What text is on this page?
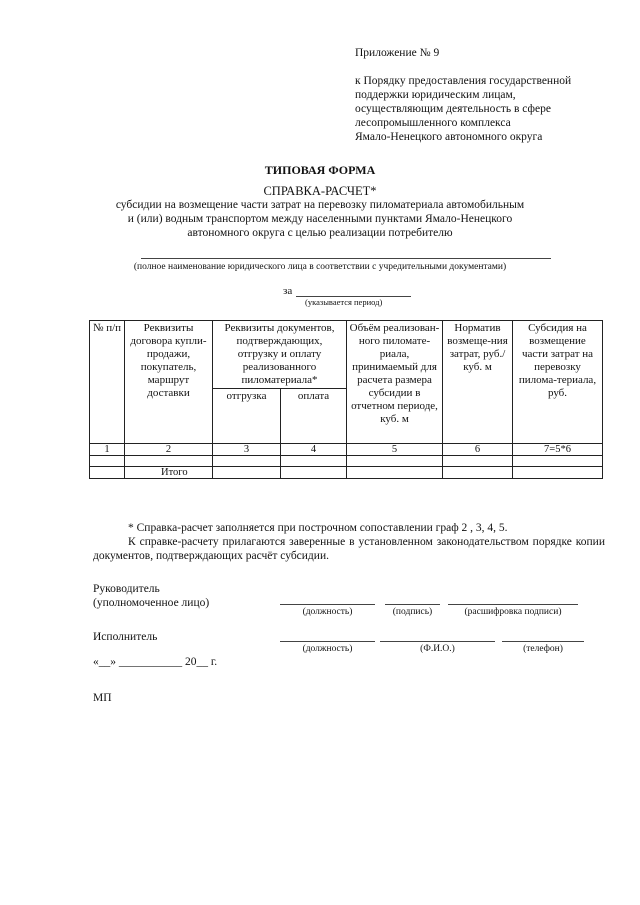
Приложение № 9
к Порядку предоставления государственной
поддержки юридическим лицам,
осуществляющим деятельность в сфере
лесопромышленного комплекса
Ямало-Ненецкого автономного округа
ТИПОВАЯ ФОРМА
СПРАВКА-РАСЧЕТ*
субсидии на возмещение части затрат на перевозку пиломатериала автомобильным
и (или) водным транспортом между населенными пунктами Ямало-Ненецкого
автономного округа с целью реализации потребителю
(полное наименование юридического лица в соответствии с учредительными документами)
за
(указывается период)
№ п/п	Реквизиты договора купли-продажи, покупатель, маршрут доставки	Реквизиты документов, подтверждающих, отгрузку и оплату реализованного пиломатериала*		Объём реализован-ного пиломате-риала, принимаемый для расчета размера субсидии в отчетном периоде, куб. м	Норматив возмеще-ния затрат, руб./куб. м	Субсидия на возмещение части затрат на перевозку пилома-териала, руб.
		отгрузка	оплата			
1	2	3	4	5	6	7=5*6

	Итого					
* Справка-расчет заполняется при построчном сопоставлении граф 2 , 3, 4, 5.
К справке-расчету прилагаются заверенные в установленном законодательством порядке копии документов, подтверждающих расчёт субсидии.
Руководитель
(уполномоченное лицо)
(должность)	(подпись)	(расшифровка подписи)
Исполнитель
(должность)	(Ф.И.О.)	(телефон)
«__» ___________ 20__ г.
МП
